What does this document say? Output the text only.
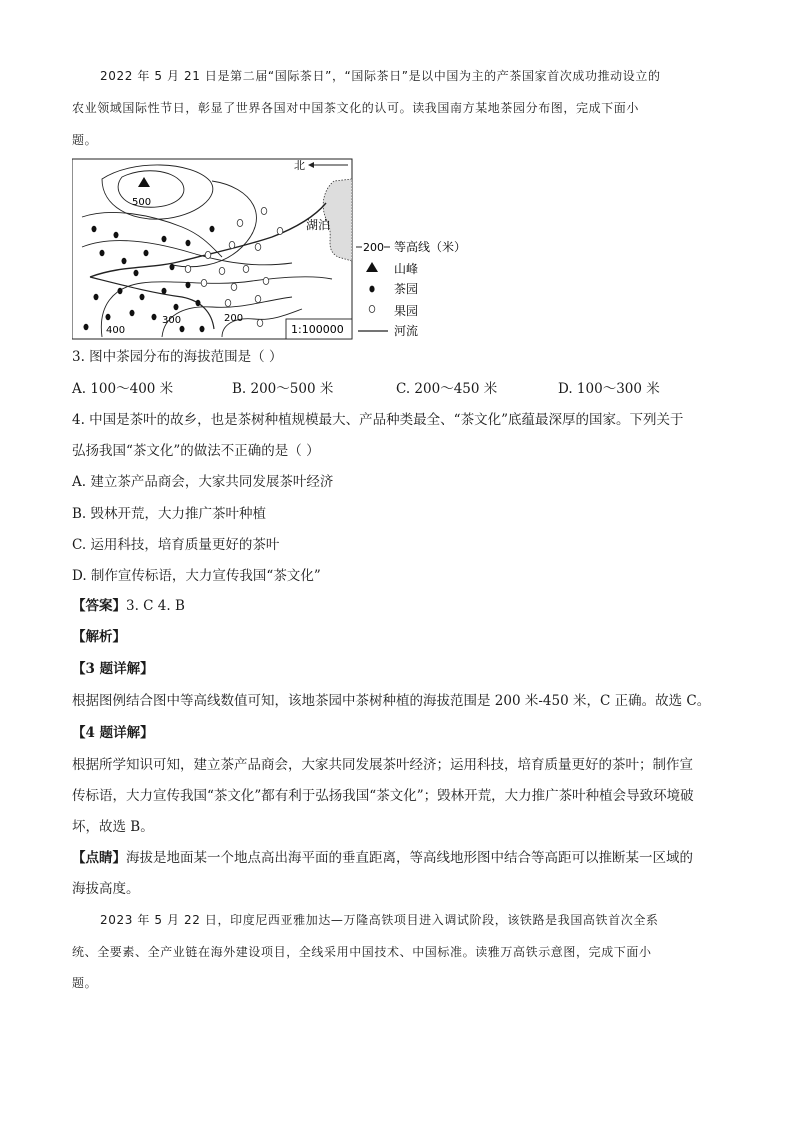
2022 年 5 月 21 日是第二届“国际茶日”，“国际茶日”是以中国为主的产茶国家首次成功推动设立的
农业领域国际性节日，彰显了世界各国对中国茶文化的认可。读我国南方某地茶园分布图，完成下面小
题。
北
湖泊
500
400
300	200
1:100000
200 等高线（米）
山峰
茶园
果园
河流
3. 图中茶园分布的海拔范围是（ ）
A. 100～400 米	B. 200～500 米	C. 200～450 米	D. 100～300 米
4. 中国是茶叶的故乡，也是茶树种植规模最大、产品种类最全、“茶文化”底蕴最深厚的国家。下列关于
弘扬我国“茶文化”的做法不正确的是（ ）
A. 建立茶产品商会，大家共同发展茶叶经济
B. 毁林开荒，大力推广茶叶种植
C. 运用科技，培育质量更好的茶叶
D. 制作宣传标语，大力宣传我国“茶文化”
【答案】3. C 4. B
【解析】
【3 题详解】
根据图例结合图中等高线数值可知，该地茶园中茶树种植的海拔范围是 200 米-450 米，C 正确。故选 C。
【4 题详解】
根据所学知识可知，建立茶产品商会，大家共同发展茶叶经济；运用科技，培育质量更好的茶叶；制作宣
传标语，大力宣传我国“茶文化”都有利于弘扬我国“茶文化”；毁林开荒，大力推广茶叶种植会导致环境破
坏，故选 B。
【点睛】海拔是地面某一个地点高出海平面的垂直距离，等高线地形图中结合等高距可以推断某一区域的
海拔高度。
2023 年 5 月 22 日，印度尼西亚雅加达—万隆高铁项目进入调试阶段，该铁路是我国高铁首次全系
统、全要素、全产业链在海外建设项目，全线采用中国技术、中国标准。读雅万高铁示意图，完成下面小
题。
